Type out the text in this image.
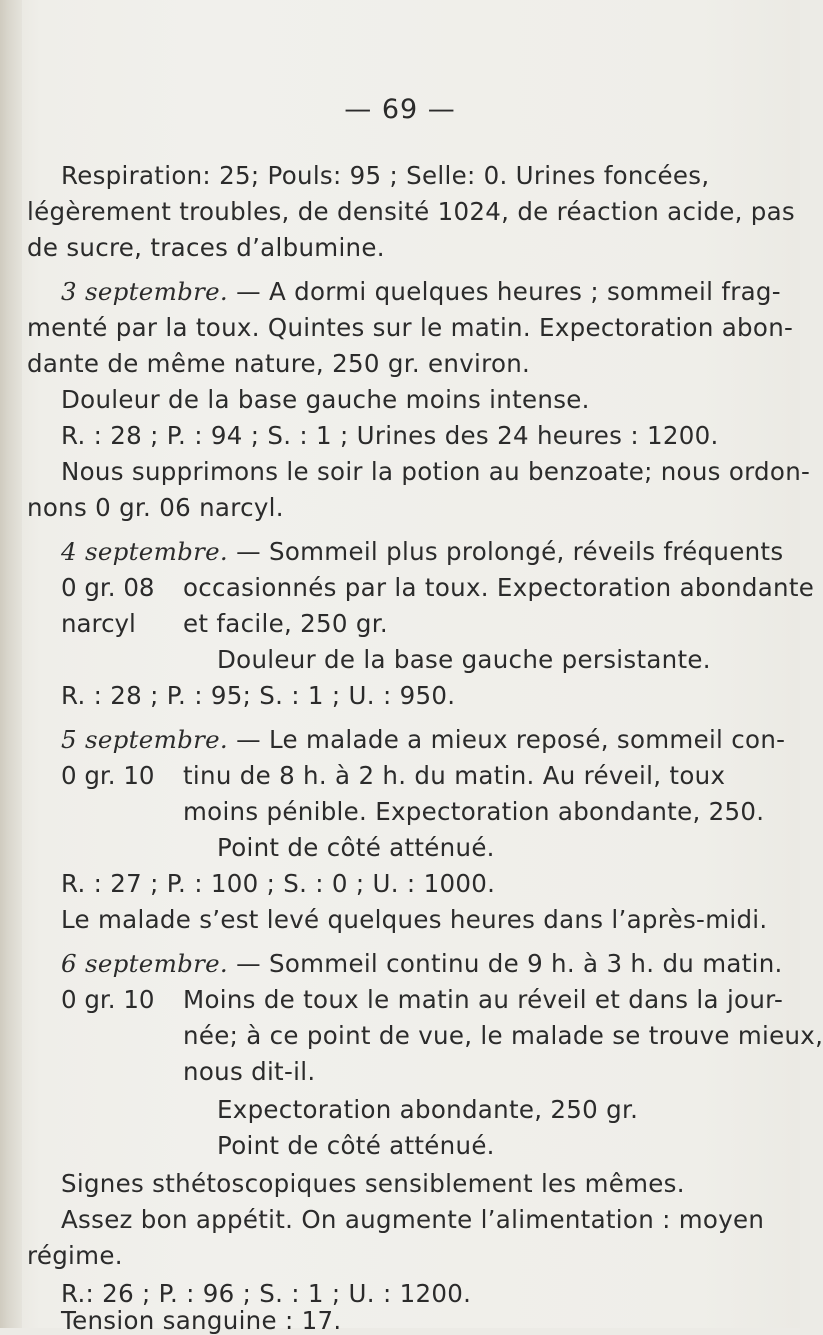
— 69 —
Respiration: 25; Pouls: 95 ; Selle: 0. Urines foncées,
légèrement troubles, de densité 1024, de réaction acide, pas
de sucre, traces d’albumine.
3 septembre. — A dormi quelques heures ; sommeil frag-
menté par la toux. Quintes sur le matin. Expectoration abon-
dante de même nature, 250 gr. environ.
Douleur de la base gauche moins intense.
R. : 28 ; P. : 94 ; S. : 1 ; Urines des 24 heures : 1200.
Nous supprimons le soir la potion au benzoate; nous ordon-
nons 0 gr. 06 narcyl.
4 septembre. — Sommeil plus prolongé, réveils fréquents
0 gr. 08 occasionnés par la toux. Expectoration abondante
narcyl et facile, 250 gr.
Douleur de la base gauche persistante.
R. : 28 ; P. : 95; S. : 1 ; U. : 950.
5 septembre. — Le malade a mieux reposé, sommeil con-
0 gr. 10 tinu de 8 h. à 2 h. du matin. Au réveil, toux
moins pénible. Expectoration abondante, 250.
Point de côté atténué.
R. : 27 ; P. : 100 ; S. : 0 ; U. : 1000.
Le malade s’est levé quelques heures dans l’après-midi.
6 septembre. — Sommeil continu de 9 h. à 3 h. du matin.
0 gr. 10 Moins de toux le matin au réveil et dans la jour-
née; à ce point de vue, le malade se trouve mieux,
nous dit-il.
Expectoration abondante, 250 gr.
Point de côté atténué.
Signes sthétoscopiques sensiblement les mêmes.
Assez bon appétit. On augmente l’alimentation : moyen
régime.
R.: 26 ; P. : 96 ; S. : 1 ; U. : 1200.
Tension sanguine : 17.
